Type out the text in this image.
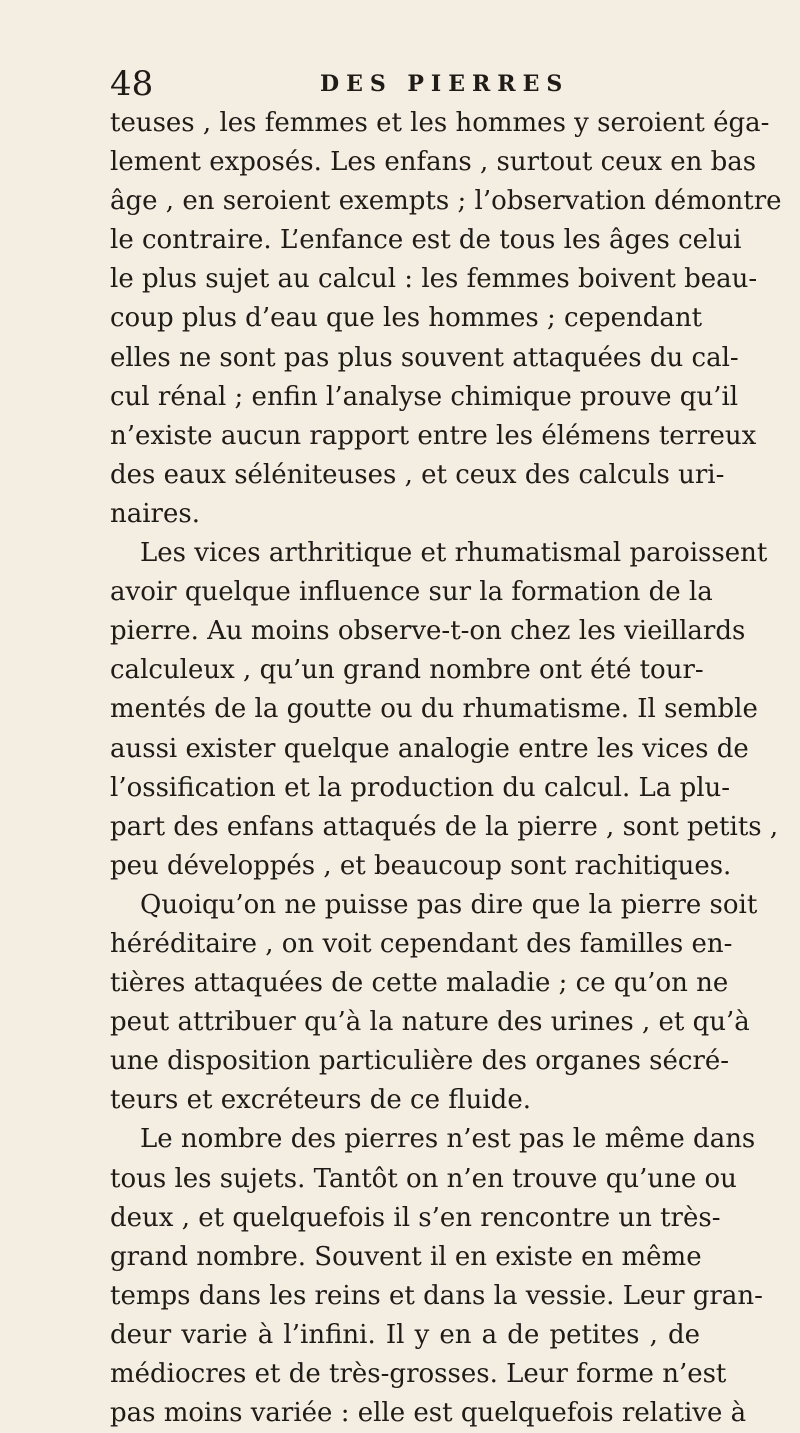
48	DES PIERRES
teuses , les femmes et les hommes y seroient éga-
lement exposés. Les enfans , surtout ceux en bas
âge , en seroient exempts ; l’observation démontre
le contraire. L’enfance est de tous les âges celui
le plus sujet au calcul : les femmes boivent beau-
coup plus d’eau que les hommes ; cependant
elles ne sont pas plus souvent attaquées du cal-
cul rénal ; enfin l’analyse chimique prouve qu’il
n’existe aucun rapport entre les élémens terreux
des eaux séléniteuses , et ceux des calculs uri-
naires.
Les vices arthritique et rhumatismal paroissent
avoir quelque influence sur la formation de la
pierre. Au moins observe-t-on chez les vieillards
calculeux , qu’un grand nombre ont été tour-
mentés de la goutte ou du rhumatisme. Il semble
aussi exister quelque analogie entre les vices de
l’ossification et la production du calcul. La plu-
part des enfans attaqués de la pierre , sont petits ,
peu développés , et beaucoup sont rachitiques.
Quoiqu’on ne puisse pas dire que la pierre soit
héréditaire , on voit cependant des familles en-
tières attaquées de cette maladie ; ce qu’on ne
peut attribuer qu’à la nature des urines , et qu’à
une disposition particulière des organes sécré-
teurs et excréteurs de ce fluide.
Le nombre des pierres n’est pas le même dans
tous les sujets. Tantôt on n’en trouve qu’une ou
deux , et quelquefois il s’en rencontre un très-
grand nombre. Souvent il en existe en même
temps dans les reins et dans la vessie. Leur gran-
deur varie à l’infini. Il y en a de petites , de
médiocres et de très-grosses. Leur forme n’est
pas moins variée : elle est quelquefois relative à
